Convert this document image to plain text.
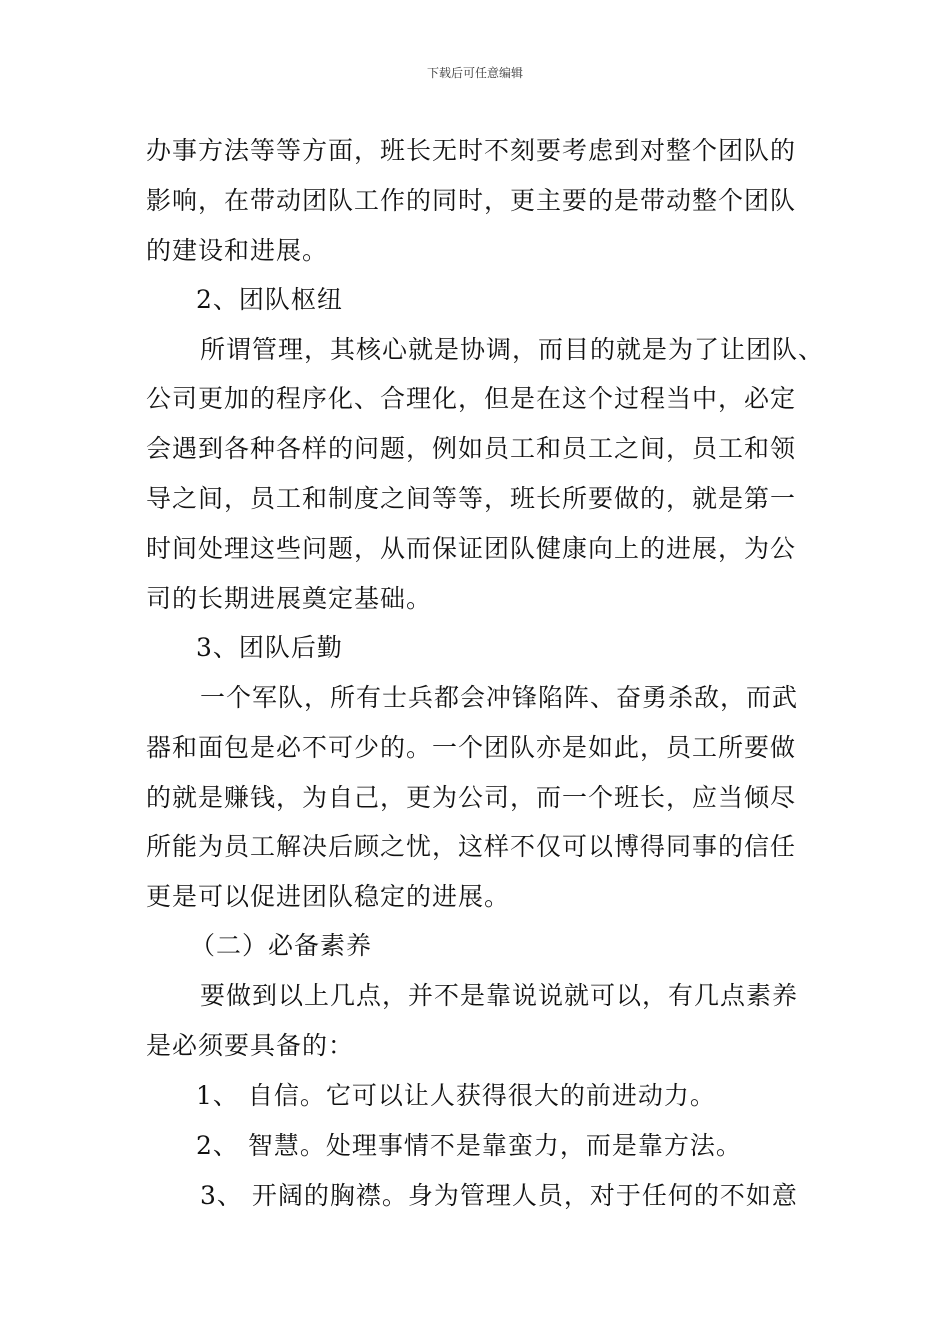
下载后可任意编辑
办事方法等等方面，班长无时不刻要考虑到对整个团队的
影响，在带动团队工作的同时，更主要的是带动整个团队
的建设和进展。
2、团队枢纽
所谓管理，其核心就是协调，而目的就是为了让团队、
公司更加的程序化、合理化，但是在这个过程当中，必定
会遇到各种各样的问题，例如员工和员工之间，员工和领
导之间，员工和制度之间等等，班长所要做的，就是第一
时间处理这些问题，从而保证团队健康向上的进展，为公
司的长期进展奠定基础。
3、团队后勤
一个军队，所有士兵都会冲锋陷阵、奋勇杀敌，而武
器和面包是必不可少的。一个团队亦是如此，员工所要做
的就是赚钱，为自己，更为公司，而一个班长，应当倾尽
所能为员工解决后顾之忧，这样不仅可以博得同事的信任
更是可以促进团队稳定的进展。
（二）必备素养
要做到以上几点，并不是靠说说就可以，有几点素养
是必须要具备的：
1、 自信。它可以让人获得很大的前进动力。
2、 智慧。处理事情不是靠蛮力，而是靠方法。
3、 开阔的胸襟。身为管理人员，对于任何的不如意
